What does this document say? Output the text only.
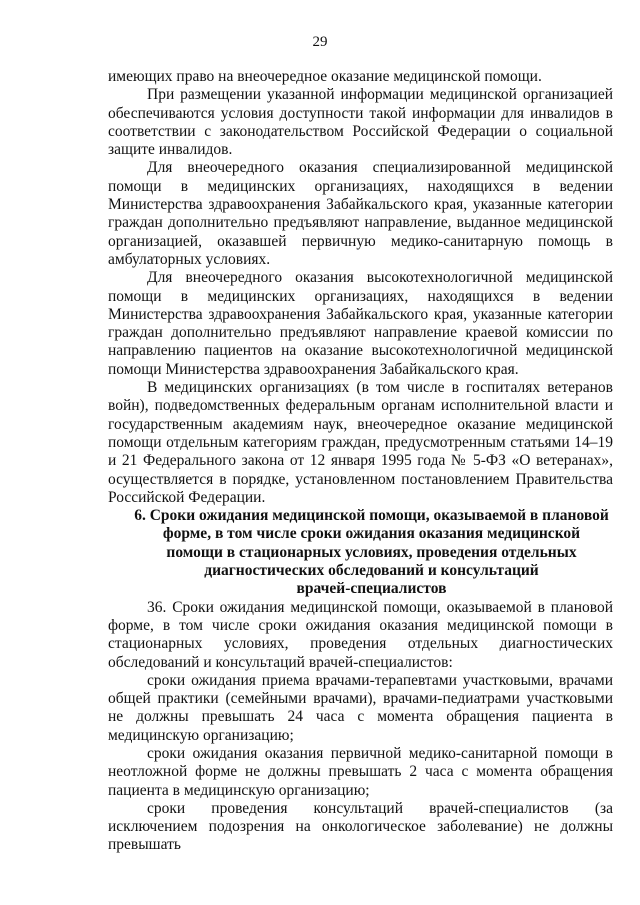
29

имеющих право на внеочередное оказание медицинской помощи.

При размещении указанной информации медицинской организацией обеспечиваются условия доступности такой информации для инвалидов в соответствии с законодательством Российской Федерации о социальной защите инвалидов.

Для внеочередного оказания специализированной медицинской помощи в медицинских организациях, находящихся в ведении Министерства здравоохранения Забайкальского края, указанные категории граждан дополнительно предъявляют направление, выданное медицинской организацией, оказавшей первичную медико-санитарную помощь в амбулаторных условиях.

Для внеочередного оказания высокотехнологичной медицинской помощи в медицинских организациях, находящихся в ведении Министерства здравоохранения Забайкальского края, указанные категории граждан дополнительно предъявляют направление краевой комиссии по направлению пациентов на оказание высокотехнологичной медицинской помощи Министерства здравоохранения Забайкальского края.

В медицинских организациях (в том числе в госпиталях ветеранов войн), подведомственных федеральным органам исполнительной власти и государственным академиям наук, внеочередное оказание медицинской помощи отдельным категориям граждан, предусмотренным статьями 14–19 и 21 Федерального закона от 12 января 1995 года № 5-ФЗ «О ветеранах», осуществляется в порядке, установленном постановлением Правительства Российской Федерации.

6. Сроки ожидания медицинской помощи, оказываемой в плановой
форме, в том числе сроки ожидания оказания медицинской
помощи в стационарных условиях, проведения отдельных
диагностических обследований и консультаций
врачей-специалистов

36. Сроки ожидания медицинской помощи, оказываемой в плановой форме, в том числе сроки ожидания оказания медицинской помощи в стационарных условиях, проведения отдельных диагностических обследований и консультаций врачей-специалистов:

сроки ожидания приема врачами-терапевтами участковыми, врачами общей практики (семейными врачами), врачами-педиатрами участковыми не должны превышать 24 часа с момента обращения пациента в медицинскую организацию;

сроки ожидания оказания первичной медико-санитарной помощи в неотложной форме не должны превышать 2 часа с момента обращения пациента в медицинскую организацию;

сроки проведения консультаций врачей-специалистов (за исключением подозрения на онкологическое заболевание) не должны превышать
